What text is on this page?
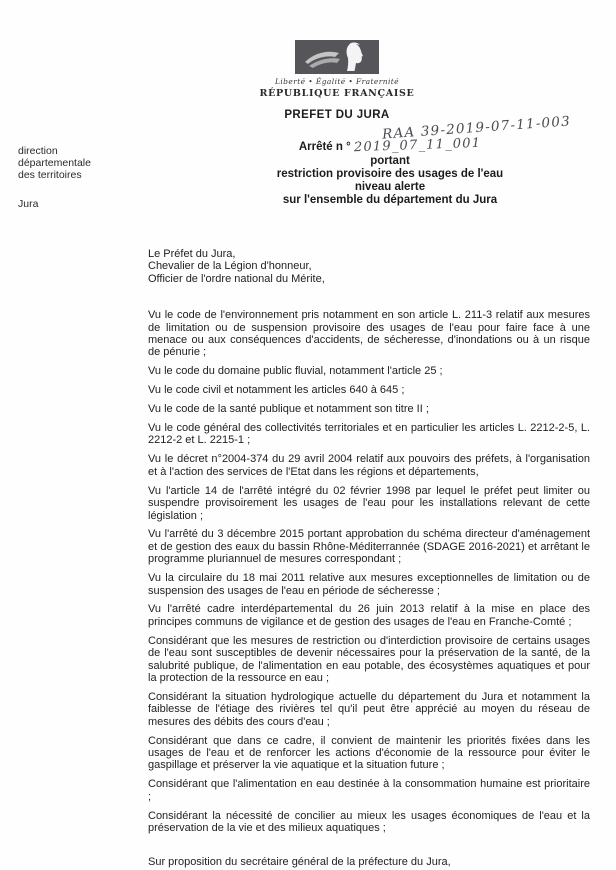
Liberté • Égalité • Fraternité
RÉPUBLIQUE FRANÇAISE
PREFET DU JURA
direction
départementale
des territoires
Jura
RAA 39-2019-07-11-003
Arrêté n ° 2019_07_11_001
portant
restriction provisoire des usages de l'eau
niveau alerte
sur l'ensemble du département du Jura
Le Préfet du Jura,
Chevalier de la Légion d'honneur,
Officier de l'ordre national du Mérite,

Vu le code de l'environnement pris notamment en son article L. 211-3 relatif aux mesures de limitation ou de suspension provisoire des usages de l'eau pour faire face à une menace ou aux conséquences d'accidents, de sécheresse, d'inondations ou à un risque de pénurie ;

Vu le code du domaine public fluvial, notamment l'article 25 ;

Vu le code civil et notamment les articles 640 à 645 ;

Vu le code de la santé publique et notamment son titre II ;

Vu le code général des collectivités territoriales et en particulier les articles L. 2212-2-5, L. 2212-2 et L. 2215-1 ;

Vu le décret n°2004-374 du 29 avril 2004 relatif aux pouvoirs des préfets, à l'organisation et à l'action des services de l'Etat dans les régions et départements,

Vu l'article 14 de l'arrêté intégré du 02 février 1998 par lequel le préfet peut limiter ou suspendre provisoirement les usages de l'eau pour les installations relevant de cette législation ;

Vu l'arrêté du 3 décembre 2015 portant approbation du schéma directeur d'aménagement et de gestion des eaux du bassin Rhône-Méditerrannée (SDAGE 2016-2021) et arrêtant le programme pluriannuel de mesures correspondant ;

Vu la circulaire du 18 mai 2011 relative aux mesures exceptionnelles de limitation ou de suspension des usages de l'eau en période de sécheresse ;

Vu l'arrêté cadre interdépartemental du 26 juin 2013 relatif à la mise en place des principes communs de vigilance et de gestion des usages de l'eau en Franche-Comté ;

Considérant que les mesures de restriction ou d'interdiction provisoire de certains usages de l'eau sont susceptibles de devenir nécessaires pour la préservation de la santé, de la salubrité publique, de l'alimentation en eau potable, des écosystèmes aquatiques et pour la protection de la ressource en eau ;

Considérant la situation hydrologique actuelle du département du Jura et notamment la faiblesse de l'étiage des rivières tel qu'il peut être apprécié au moyen du réseau de mesures des débits des cours d'eau ;

Considérant que dans ce cadre, il convient de maintenir les priorités fixées dans les usages de l'eau et de renforcer les actions d'économie de la ressource pour éviter le gaspillage et préserver la vie aquatique et la situation future ;

Considérant que l'alimentation en eau destinée à la consommation humaine est prioritaire ;

Considérant la nécessité de concilier au mieux les usages économiques de l'eau et la préservation de la vie et des milieux aquatiques ;

Sur proposition du secrétaire général de la préfecture du Jura,
